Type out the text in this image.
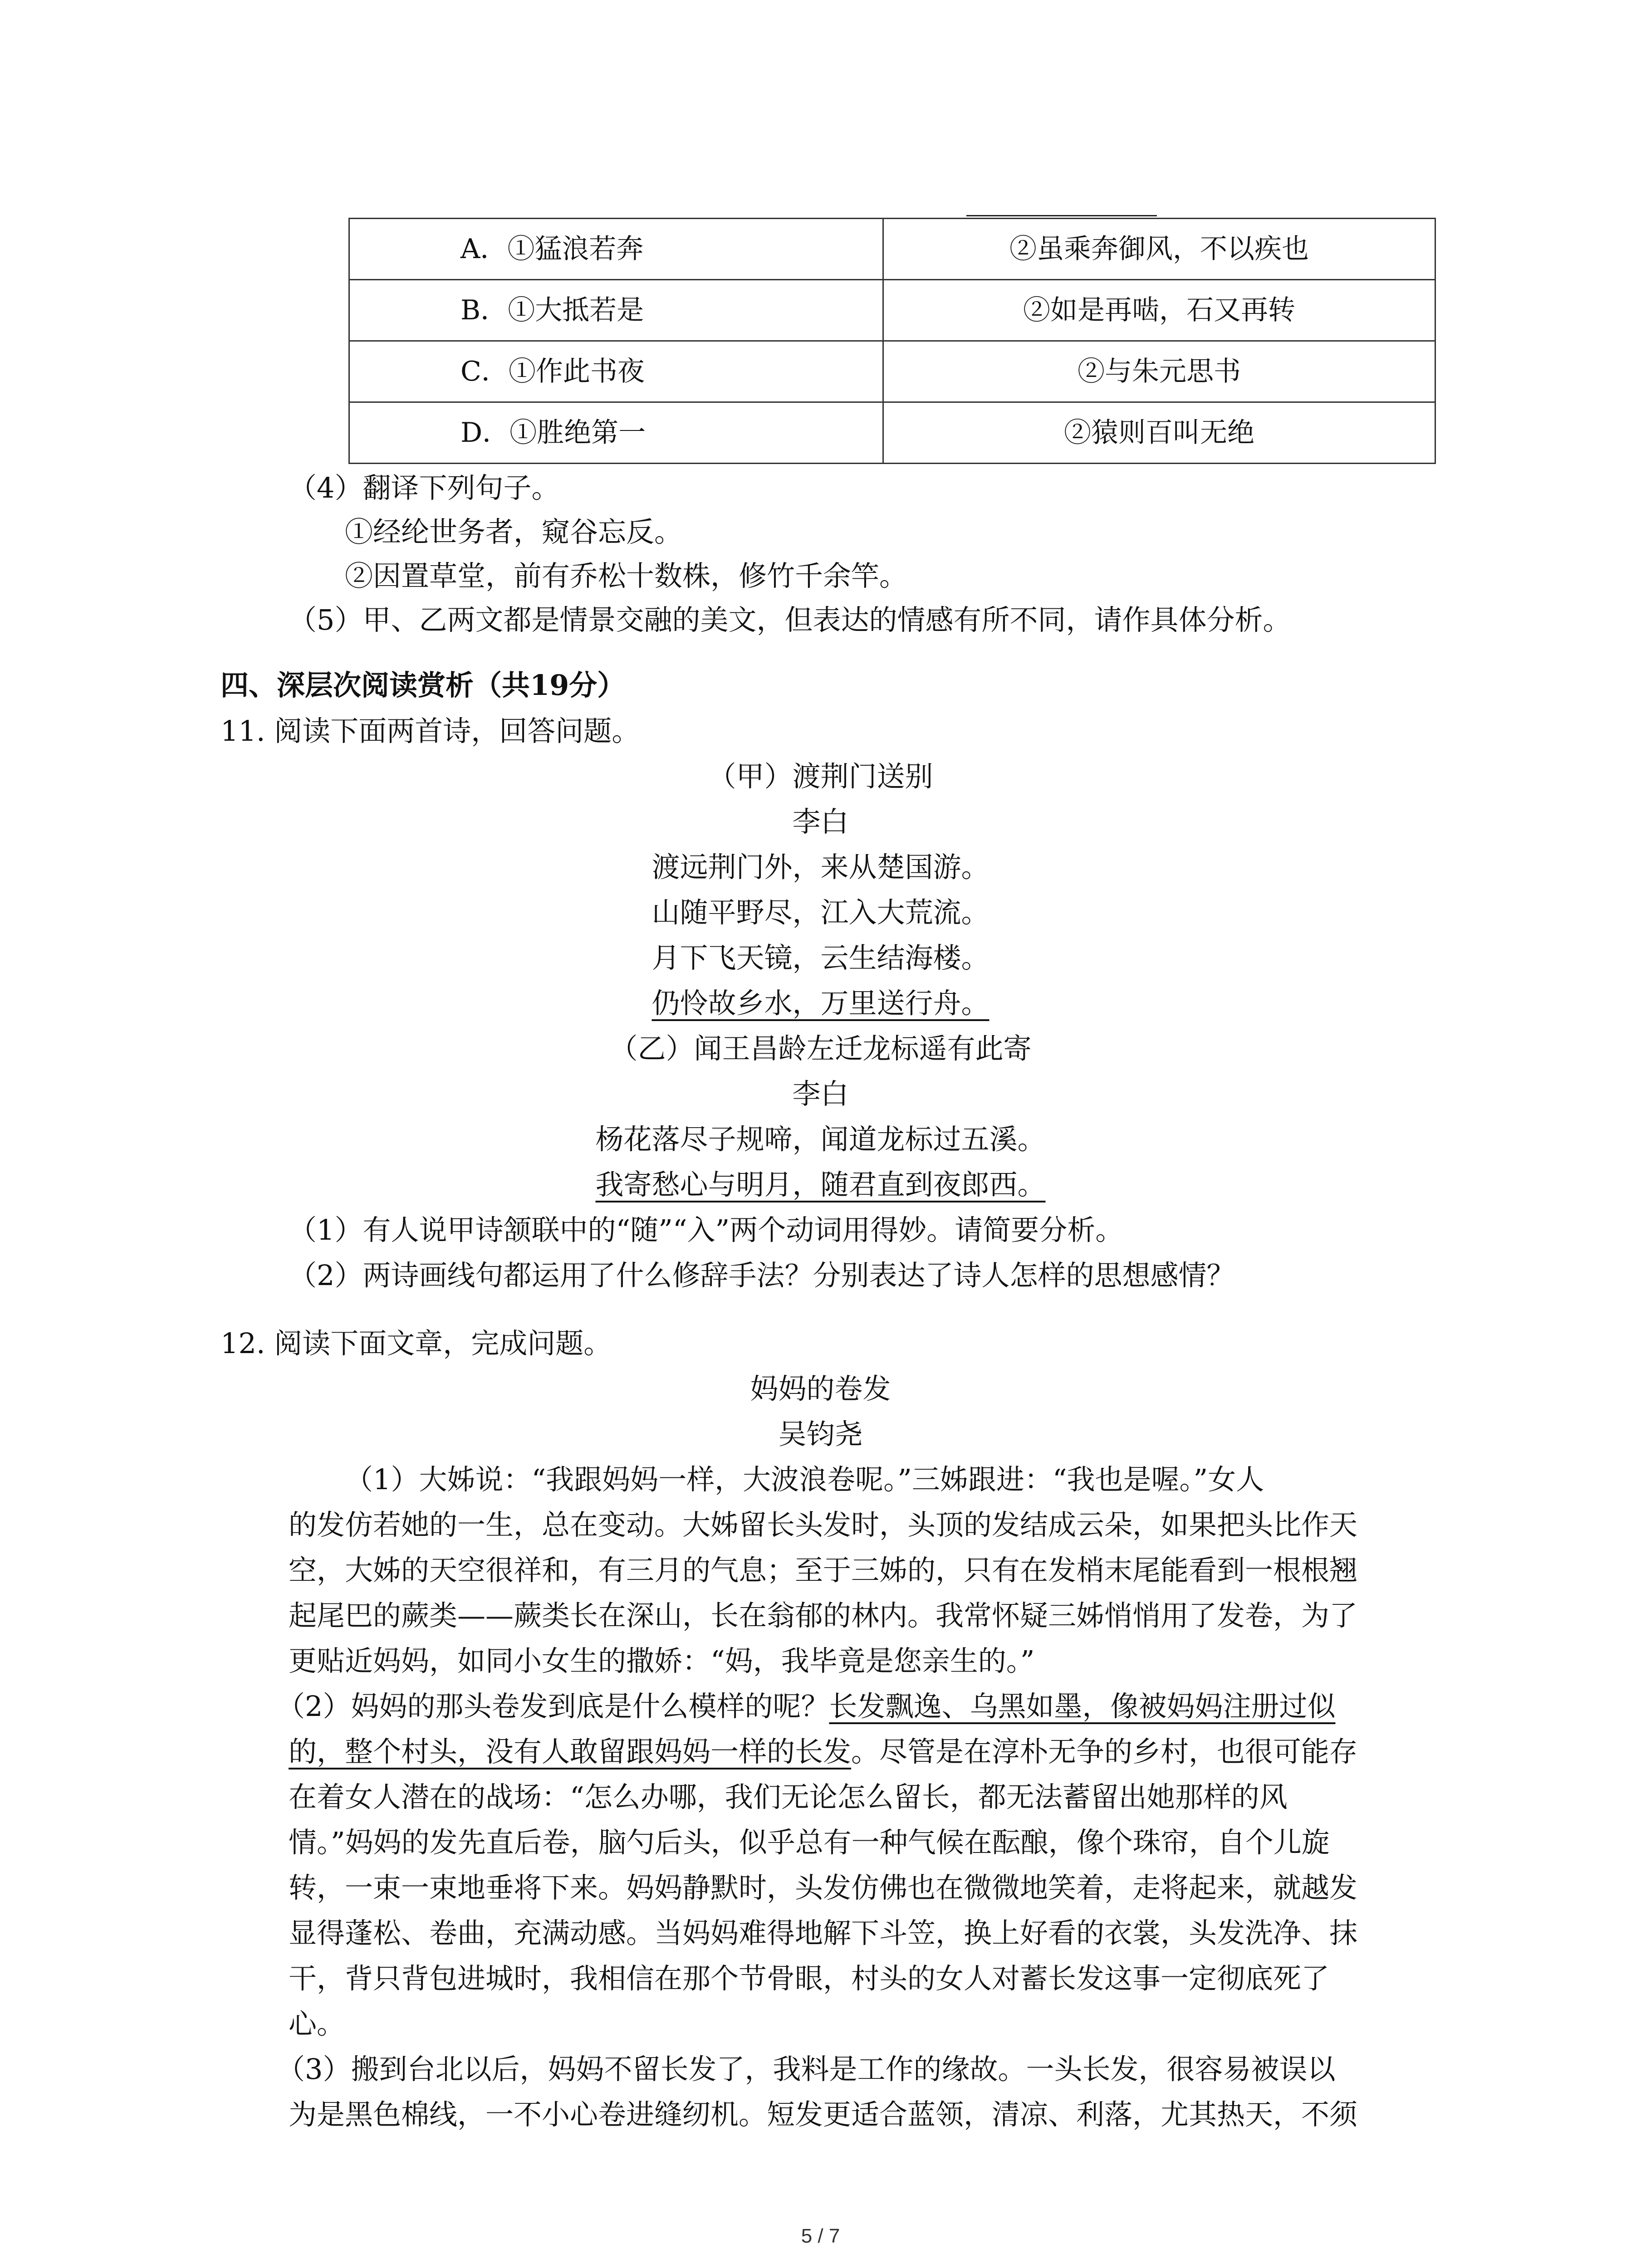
A．①猛浪若奔	②虽乘奔御风，不以疾也
B．①大抵若是	②如是再啮，石又再转
C．①作此书夜	②与朱元思书
D．①胜绝第一	②猿则百叫无绝
（4）翻译下列句子。
①经纶世务者，窥谷忘反。
②因置草堂，前有乔松十数株，修竹千余竿。
（5）甲、乙两文都是情景交融的美文，但表达的情感有所不同，请作具体分析。
四、深层次阅读赏析（共19分）
11. 阅读下面两首诗，回答问题。
（甲）渡荆门送别
李白
渡远荆门外，来从楚国游。
山随平野尽，江入大荒流。
月下飞天镜，云生结海楼。
仍怜故乡水，万里送行舟。
（乙）闻王昌龄左迁龙标遥有此寄
李白
杨花落尽子规啼，闻道龙标过五溪。
我寄愁心与明月，随君直到夜郎西。
（1）有人说甲诗颔联中的“随”“入”两个动词用得妙。请简要分析。
（2）两诗画线句都运用了什么修辞手法？分别表达了诗人怎样的思想感情？
12. 阅读下面文章，完成问题。
妈妈的卷发
吴钧尧
（1）大姊说：“我跟妈妈一样，大波浪卷呢。”三姊跟进：“我也是喔。”女人
的发仿若她的一生，总在变动。大姊留长头发时，头顶的发结成云朵，如果把头比作天
空，大姊的天空很祥和，有三月的气息；至于三姊的，只有在发梢末尾能看到一根根翘
起尾巴的蕨类——蕨类长在深山，长在翁郁的林内。我常怀疑三姊悄悄用了发卷，为了
更贴近妈妈，如同小女生的撒娇：“妈，我毕竟是您亲生的。”
（2）妈妈的那头卷发到底是什么模样的呢？长发飘逸、乌黑如墨，像被妈妈注册过似
的，整个村头，没有人敢留跟妈妈一样的长发。尽管是在淳朴无争的乡村，也很可能存
在着女人潜在的战场：“怎么办哪，我们无论怎么留长，都无法蓄留出她那样的风
情。”妈妈的发先直后卷，脑勺后头，似乎总有一种气候在酝酿，像个珠帘，自个儿旋
转，一束一束地垂将下来。妈妈静默时，头发仿佛也在微微地笑着，走将起来，就越发
显得蓬松、卷曲，充满动感。当妈妈难得地解下斗笠，换上好看的衣裳，头发洗净、抹
干，背只背包进城时，我相信在那个节骨眼，村头的女人对蓄长发这事一定彻底死了
心。
（3）搬到台北以后，妈妈不留长发了，我料是工作的缘故。一头长发，很容易被误以
为是黑色棉线，一不小心卷进缝纫机。短发更适合蓝领，清凉、利落，尤其热天，不须
5 / 7
